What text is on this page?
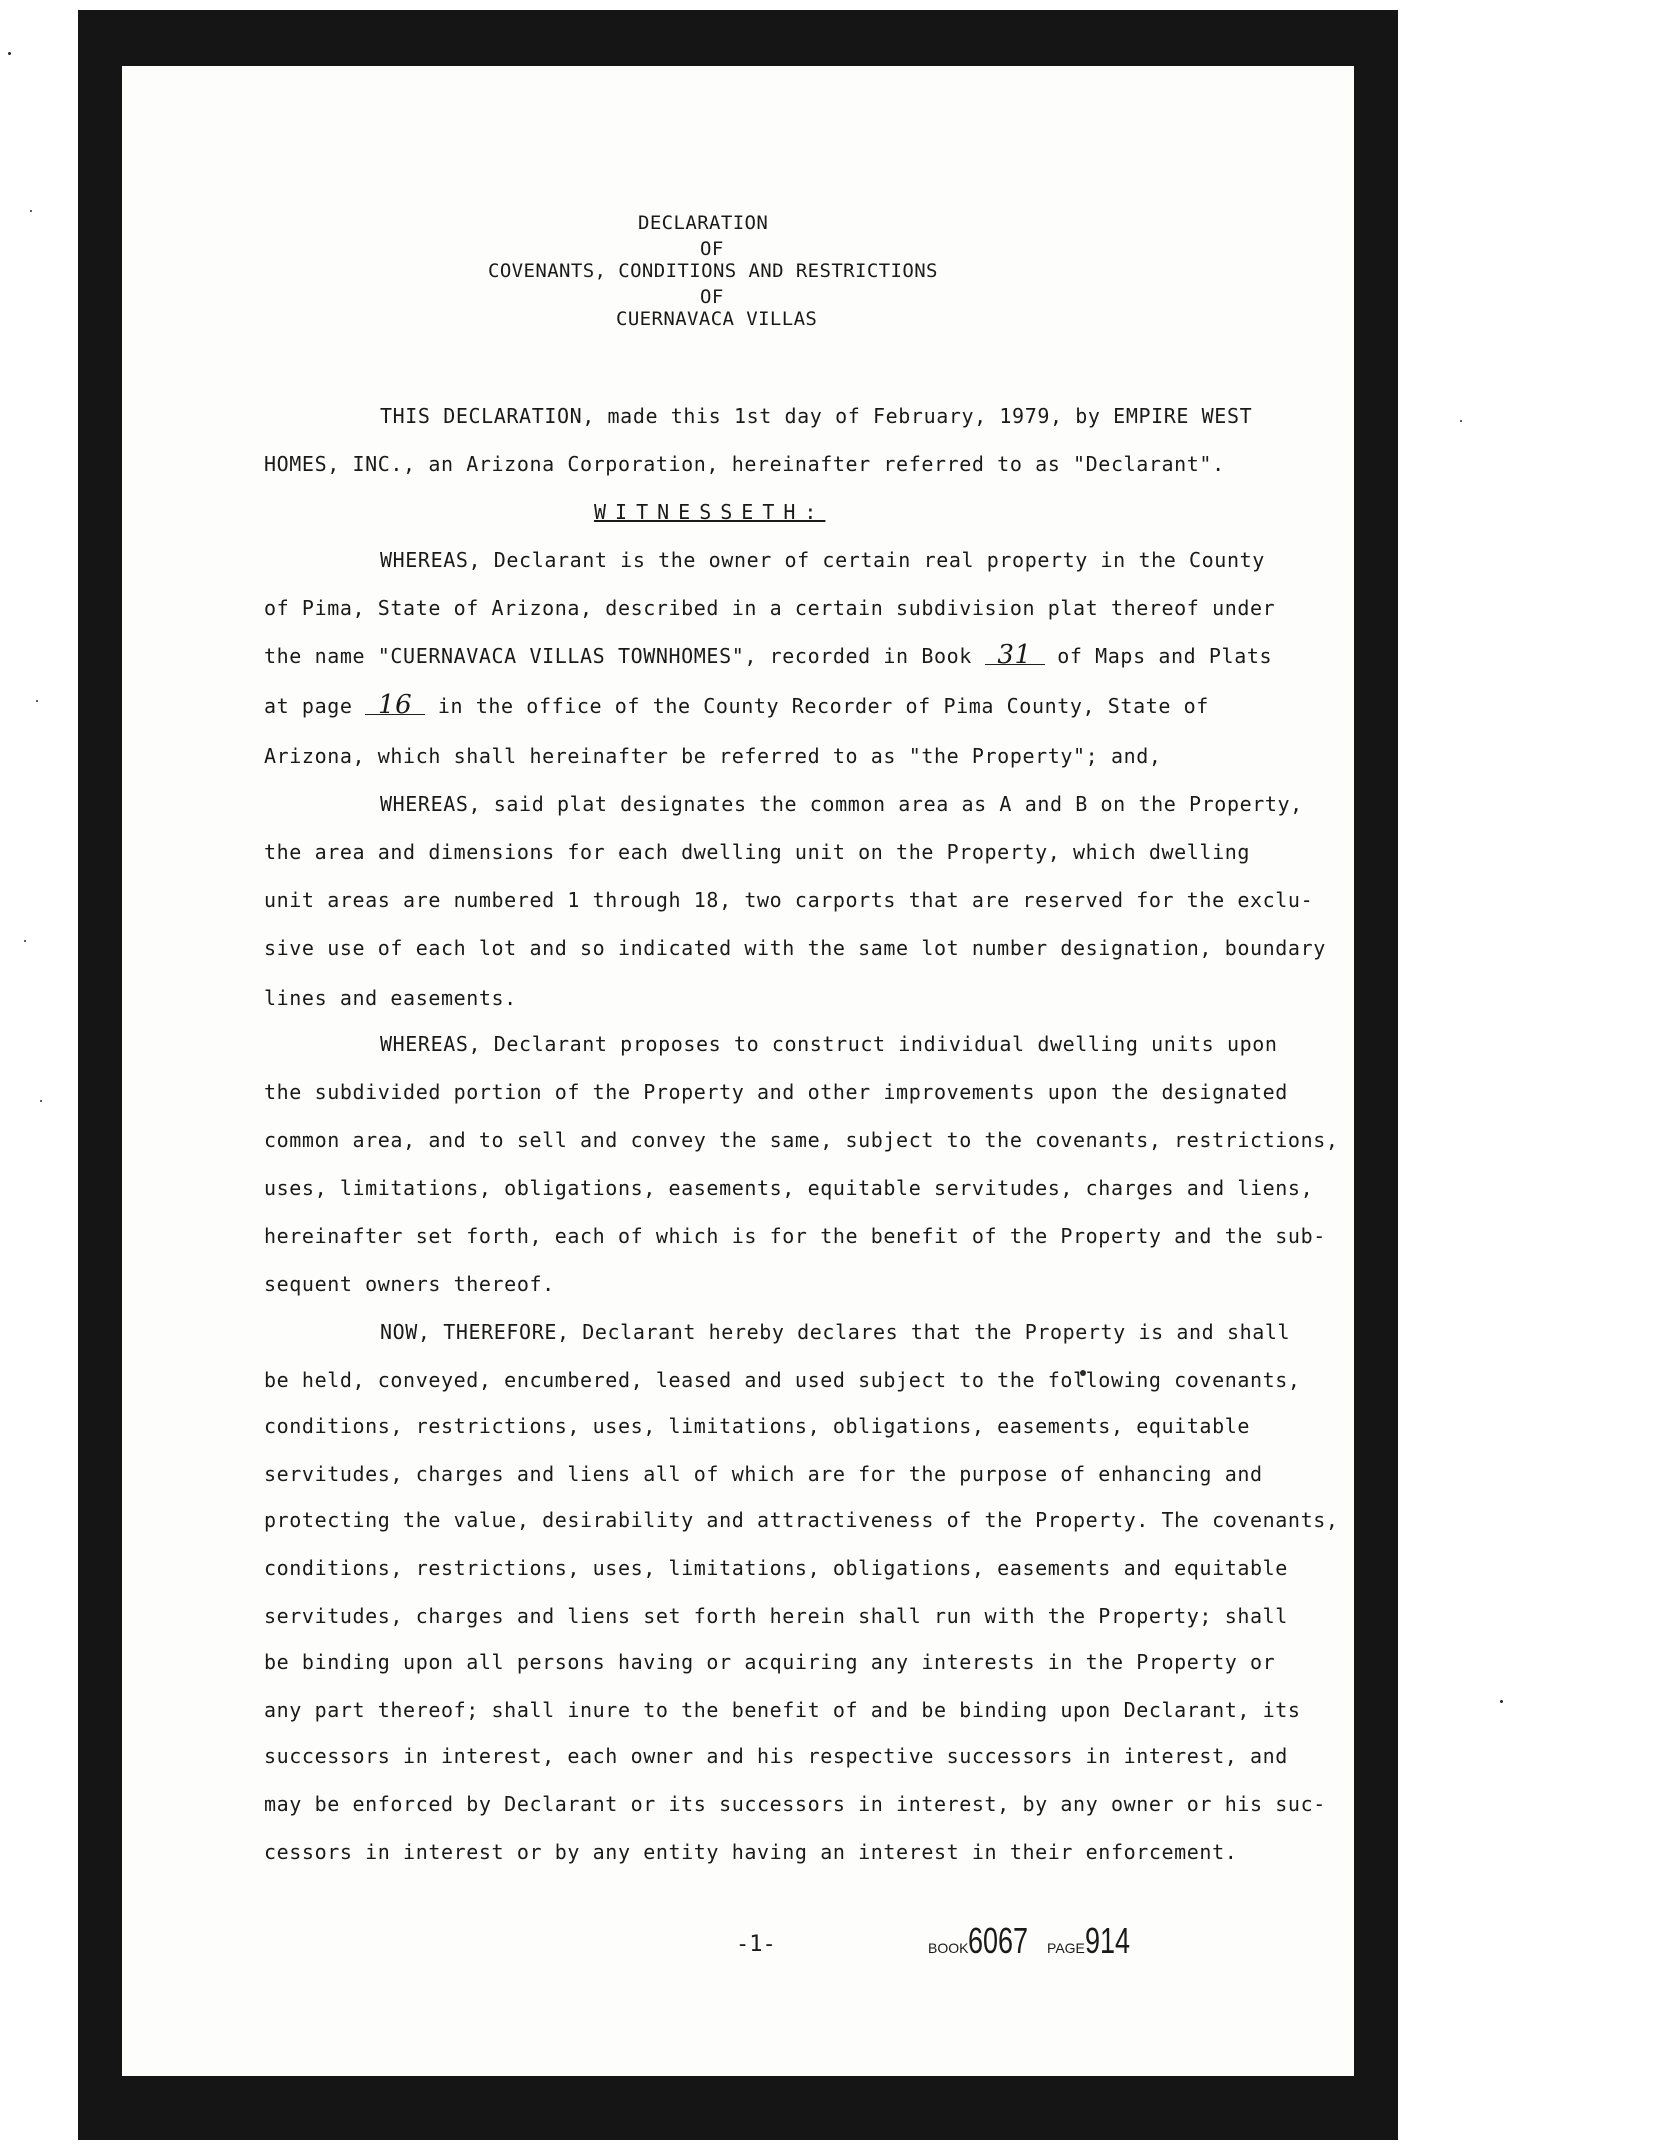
DECLARATION
OF
COVENANTS, CONDITIONS AND RESTRICTIONS
OF
CUERNAVACA VILLAS
THIS DECLARATION, made this 1st day of February, 1979, by EMPIRE WEST
HOMES, INC., an Arizona Corporation, hereinafter referred to as "Declarant".
WITNESSETH:
WHEREAS, Declarant is the owner of certain real property in the County
of Pima, State of Arizona, described in a certain subdivision plat thereof under
the name "CUERNAVACA VILLAS TOWNHOMES", recorded in Book 31 of Maps and Plats
at page 16 in the office of the County Recorder of Pima County, State of
Arizona, which shall hereinafter be referred to as "the Property"; and,
WHEREAS, said plat designates the common area as A and B on the Property,
the area and dimensions for each dwelling unit on the Property, which dwelling
unit areas are numbered 1 through 18, two carports that are reserved for the exclu-
sive use of each lot and so indicated with the same lot number designation, boundary
lines and easements.
WHEREAS, Declarant proposes to construct individual dwelling units upon
the subdivided portion of the Property and other improvements upon the designated
common area, and to sell and convey the same, subject to the covenants, restrictions,
uses, limitations, obligations, easements, equitable servitudes, charges and liens,
hereinafter set forth, each of which is for the benefit of the Property and the sub-
sequent owners thereof.
NOW, THEREFORE, Declarant hereby declares that the Property is and shall
be held, conveyed, encumbered, leased and used subject to the following covenants,
conditions, restrictions, uses, limitations, obligations, easements, equitable
servitudes, charges and liens all of which are for the purpose of enhancing and
protecting the value, desirability and attractiveness of the Property. The covenants,
conditions, restrictions, uses, limitations, obligations, easements and equitable
servitudes, charges and liens set forth herein shall run with the Property; shall
be binding upon all persons having or acquiring any interests in the Property or
any part thereof; shall inure to the benefit of and be binding upon Declarant, its
successors in interest, each owner and his respective successors in interest, and
may be enforced by Declarant or its successors in interest, by any owner or his suc-
cessors in interest or by any entity having an interest in their enforcement.
-1-	BOOK6067 PAGE914
